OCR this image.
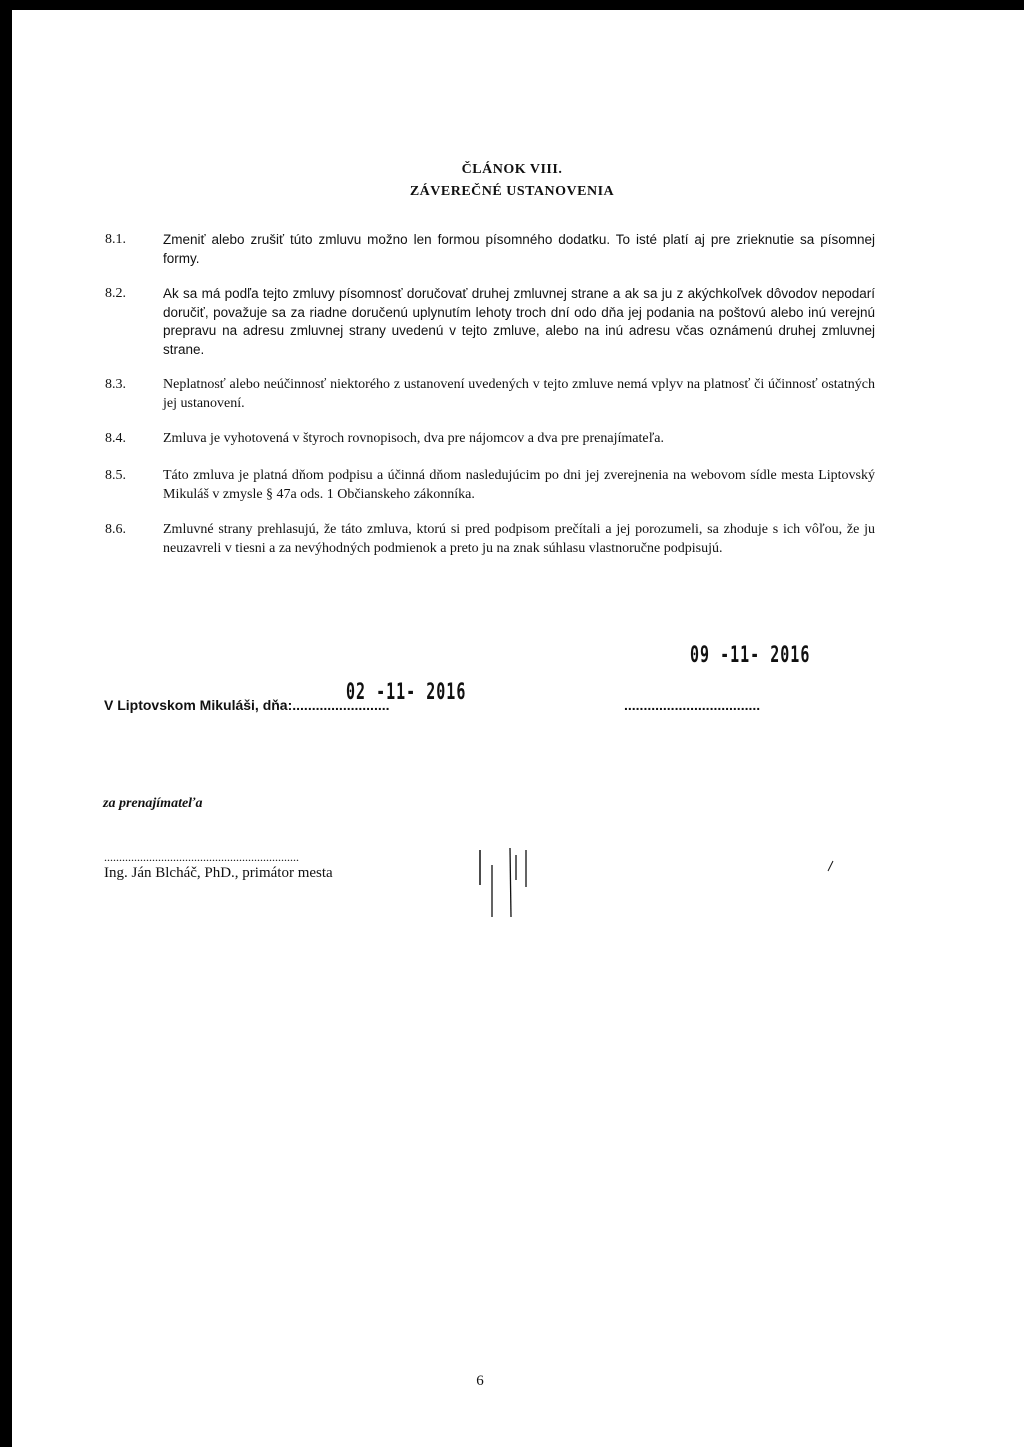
ČLÁNOK VIII.
ZÁVEREČNÉ USTANOVENIA
8.1.	Zmeniť alebo zrušiť túto zmluvu možno len formou písomného dodatku. To isté platí aj pre zrieknutie sa písomnej formy.
8.2.	Ak sa má podľa tejto zmluvy písomnosť doručovať druhej zmluvnej strane a ak sa ju z akýchkoľvek dôvodov nepodarí doručiť, považuje sa za riadne doručenú uplynutím lehoty troch dní odo dňa jej podania na poštovú alebo inú verejnú prepravu na adresu zmluvnej strany uvedenú v tejto zmluve, alebo na inú adresu včas oznámenú druhej zmluvnej strane.
8.3.	Neplatnosť alebo neúčinnosť niektorého z ustanovení uvedených v tejto zmluve nemá vplyv na platnosť či účinnosť ostatných jej ustanovení.
8.4.	Zmluva je vyhotovená v štyroch rovnopisoch, dva pre nájomcov a dva pre prenajímateľa.
8.5.	Táto zmluva je platná dňom podpisu a účinná dňom nasledujúcim po dni jej zverejnenia na webovom sídle mesta Liptovský Mikuláš v zmysle § 47a ods. 1 Občianskeho zákonníka.
8.6.	Zmluvné strany prehlasujú, že táto zmluva, ktorú si pred podpisom prečítali a jej porozumeli, sa zhoduje s ich vôľou, že ju neuzavreli v tiesni a za nevýhodných podmienok a preto ju na znak súhlasu vlastnoručne podpisujú.
09 -11- 2016
02 -11- 2016
V Liptovskom Mikuláši, dňa:.........................	...................................
za prenajímateľa
.................................................................
Ing. Ján Blcháč, PhD., primátor mesta
6
